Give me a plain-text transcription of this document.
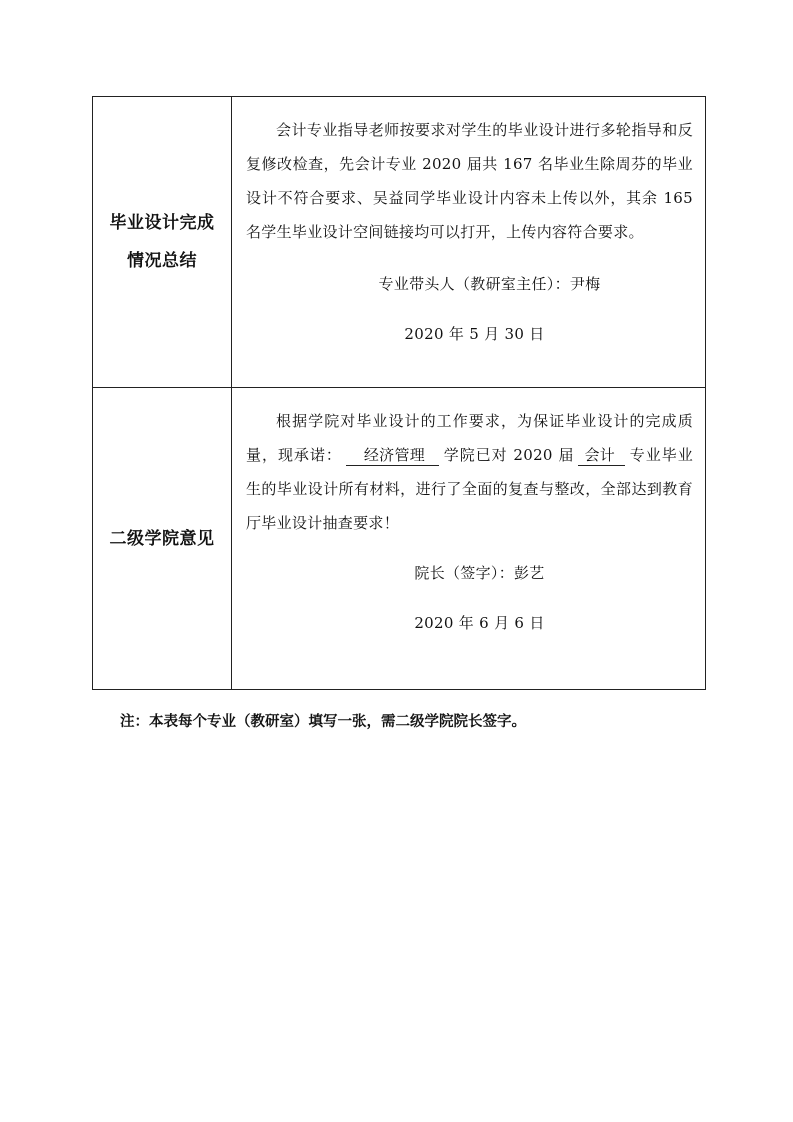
毕业设计完成
情况总结

会计专业指导老师按要求对学生的毕业设计进行多轮指导和反复修改检查，先会计专业 2020 届共 167 名毕业生除周芬的毕业设计不符合要求、吴益同学毕业设计内容未上传以外，其余 165 名学生毕业设计空间链接均可以打开，上传内容符合要求。

专业带头人（教研室主任）：尹梅

2020 年 5 月 30 日

二级学院意见

根据学院对毕业设计的工作要求，为保证毕业设计的完成质量，现承诺： 经济管理 学院已对 2020 届 会计 专业毕业生的毕业设计所有材料，进行了全面的复查与整改，全部达到教育厅毕业设计抽查要求！

院长（签字）：彭艺

2020 年 6 月 6 日

注：本表每个专业（教研室）填写一张，需二级学院院长签字。
